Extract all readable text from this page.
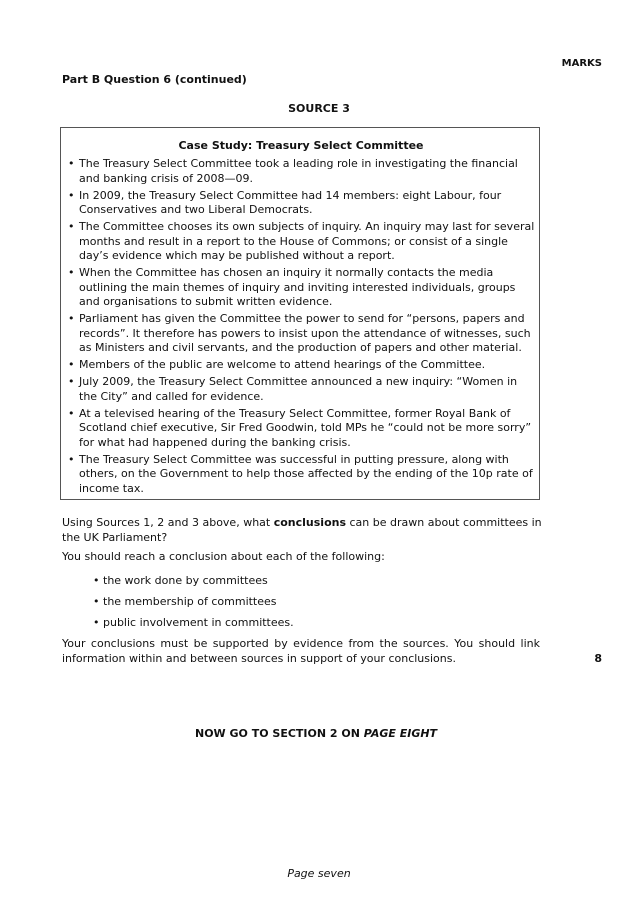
MARKS
Part B Question 6 (continued)
SOURCE 3
Case Study: Treasury Select Committee
• The Treasury Select Committee took a leading role in investigating the financial and banking crisis of 2008—09.
• In 2009, the Treasury Select Committee had 14 members: eight Labour, four Conservatives and two Liberal Democrats.
• The Committee chooses its own subjects of inquiry. An inquiry may last for several months and result in a report to the House of Commons; or consist of a single day’s evidence which may be published without a report.
• When the Committee has chosen an inquiry it normally contacts the media outlining the main themes of inquiry and inviting interested individuals, groups and organisations to submit written evidence.
• Parliament has given the Committee the power to send for “persons, papers and records”. It therefore has powers to insist upon the attendance of witnesses, such as Ministers and civil servants, and the production of papers and other material.
• Members of the public are welcome to attend hearings of the Committee.
• July 2009, the Treasury Select Committee announced a new inquiry: “Women in the City” and called for evidence.
• At a televised hearing of the Treasury Select Committee, former Royal Bank of Scotland chief executive, Sir Fred Goodwin, told MPs he “could not be more sorry” for what had happened during the banking crisis.
• The Treasury Select Committee was successful in putting pressure, along with others, on the Government to help those affected by the ending of the 10p rate of income tax.
Using Sources 1, 2 and 3 above, what conclusions can be drawn about committees in the UK Parliament?
You should reach a conclusion about each of the following:
• the work done by committees
• the membership of committees
• public involvement in committees.
Your conclusions must be supported by evidence from the sources. You should link information within and between sources in support of your conclusions.	8
NOW GO TO SECTION 2 ON PAGE EIGHT
Page seven
